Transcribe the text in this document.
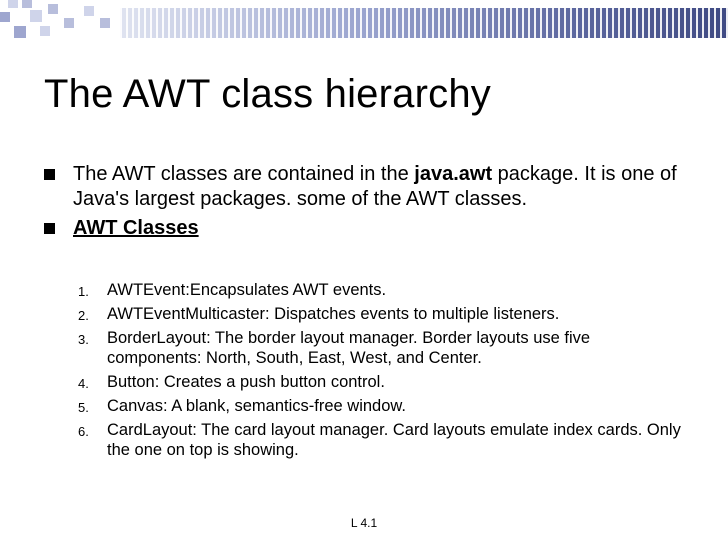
The AWT class hierarchy
The AWT classes are contained in the java.awt package. It is one of Java's largest packages. some of the AWT classes.
AWT Classes
1. AWTEvent:Encapsulates AWT events.
2. AWTEventMulticaster: Dispatches events to multiple listeners.
3. BorderLayout: The border layout manager. Border layouts use five components: North, South, East, West, and Center.
4. Button: Creates a push button control.
5. Canvas: A blank, semantics-free window.
6. CardLayout: The card layout manager. Card layouts emulate index cards. Only the one on top is showing.
L 4.1
